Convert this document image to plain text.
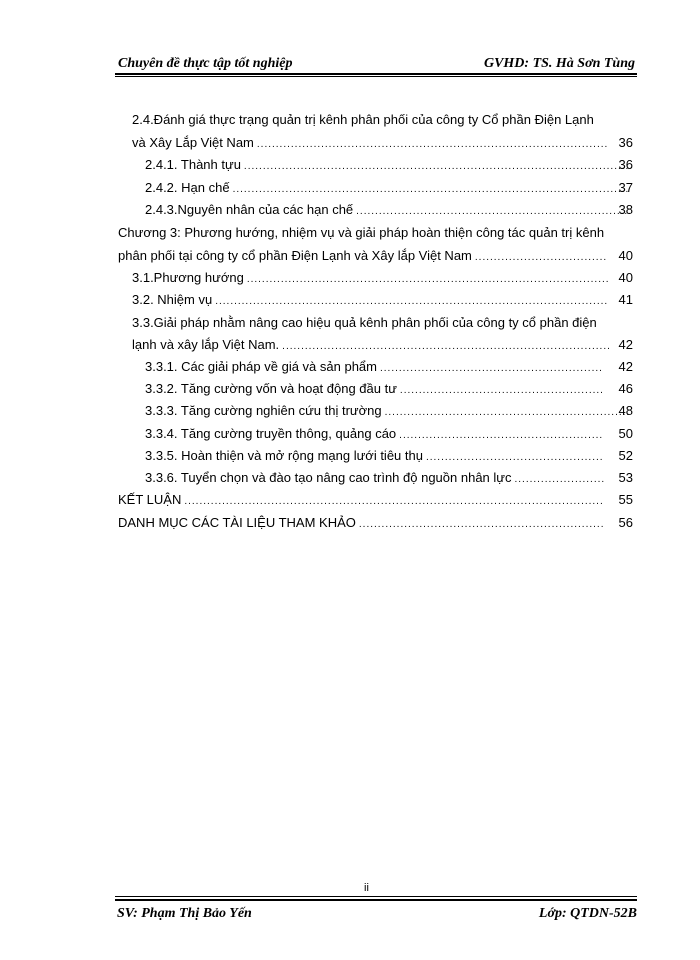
Chuyên đề thực tập tốt nghiệp	GVHD: TS. Hà Sơn Tùng
2.4.Đánh giá thực trạng quản trị kênh phân phối của công ty Cổ phần Điện Lạnh
và Xây Lắp Việt Nam .....	36
2.4.1. Thành tựu .....	36
2.4.2. Hạn chế .....	37
2.4.3.Nguyên nhân của các hạn chế .....	38
Chương 3: Phương hướng, nhiệm vụ và giải pháp hoàn thiện công tác quản trị kênh
phân phối tại công ty cổ phần Điện Lạnh và Xây lắp Việt Nam .....	40
3.1.Phương hướng .....	40
3.2. Nhiệm vụ .....	41
3.3.Giải pháp nhằm nâng cao hiệu quả kênh phân phối của công ty cổ phần điện
lạnh và xây lắp Việt Nam. .....	42
3.3.1. Các giải pháp về giá và sản phẩm .....	42
3.3.2. Tăng cường vốn và hoạt động đầu tư .....	46
3.3.3. Tăng cường nghiên cứu thị trường .....	48
3.3.4. Tăng cường truyền thông, quảng cáo .....	50
3.3.5. Hoàn thiện và mở rộng mạng lưới tiêu thụ .....	52
3.3.6. Tuyển chọn và đào tạo nâng cao trình độ nguồn nhân lực .....	53
KẾT LUẬN .....	55
DANH MỤC CÁC TÀI LIỆU THAM KHẢO .....	56
ii
SV: Phạm Thị Bảo Yến	Lớp: QTDN-52B
